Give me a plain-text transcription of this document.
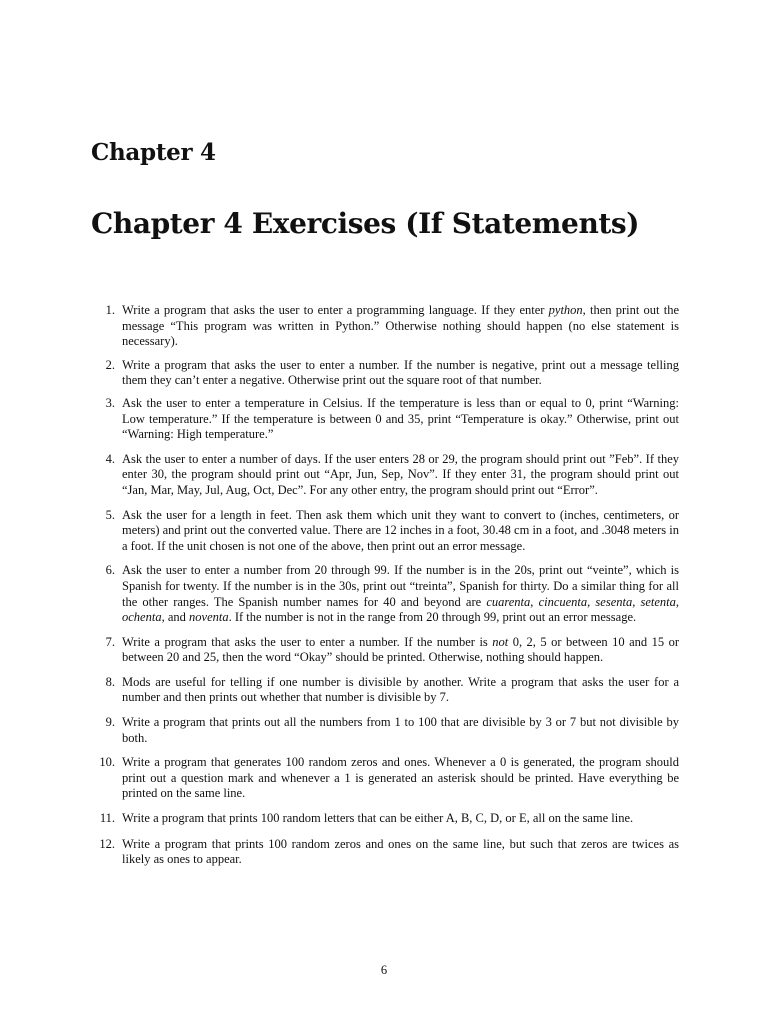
Chapter 4
Chapter 4 Exercises (If Statements)
1. Write a program that asks the user to enter a programming language. If they enter python, then print out the message “This program was written in Python.” Otherwise nothing should happen (no else statement is necessary).
2. Write a program that asks the user to enter a number. If the number is negative, print out a message telling them they can’t enter a negative. Otherwise print out the square root of that number.
3. Ask the user to enter a temperature in Celsius. If the temperature is less than or equal to 0, print “Warning: Low temperature.” If the temperature is between 0 and 35, print “Temperature is okay.” Otherwise, print out “Warning: High temperature.”
4. Ask the user to enter a number of days. If the user enters 28 or 29, the program should print out ”Feb”. If they enter 30, the program should print out “Apr, Jun, Sep, Nov”. If they enter 31, the program should print out “Jan, Mar, May, Jul, Aug, Oct, Dec”. For any other entry, the program should print out “Error”.
5. Ask the user for a length in feet. Then ask them which unit they want to convert to (inches, centimeters, or meters) and print out the converted value. There are 12 inches in a foot, 30.48 cm in a foot, and .3048 meters in a foot. If the unit chosen is not one of the above, then print out an error message.
6. Ask the user to enter a number from 20 through 99. If the number is in the 20s, print out “veinte”, which is Spanish for twenty. If the number is in the 30s, print out “treinta”, Spanish for thirty. Do a similar thing for all the other ranges. The Spanish number names for 40 and beyond are cuarenta, cincuenta, sesenta, setenta, ochenta, and noventa. If the number is not in the range from 20 through 99, print out an error message.
7. Write a program that asks the user to enter a number. If the number is not 0, 2, 5 or between 10 and 15 or between 20 and 25, then the word “Okay” should be printed. Otherwise, nothing should happen.
8. Mods are useful for telling if one number is divisible by another. Write a program that asks the user for a number and then prints out whether that number is divisible by 7.
9. Write a program that prints out all the numbers from 1 to 100 that are divisible by 3 or 7 but not divisible by both.
10. Write a program that generates 100 random zeros and ones. Whenever a 0 is generated, the program should print out a question mark and whenever a 1 is generated an asterisk should be printed. Have everything be printed on the same line.
11. Write a program that prints 100 random letters that can be either A, B, C, D, or E, all on the same line.
12. Write a program that prints 100 random zeros and ones on the same line, but such that zeros are twices as likely as ones to appear.
6
